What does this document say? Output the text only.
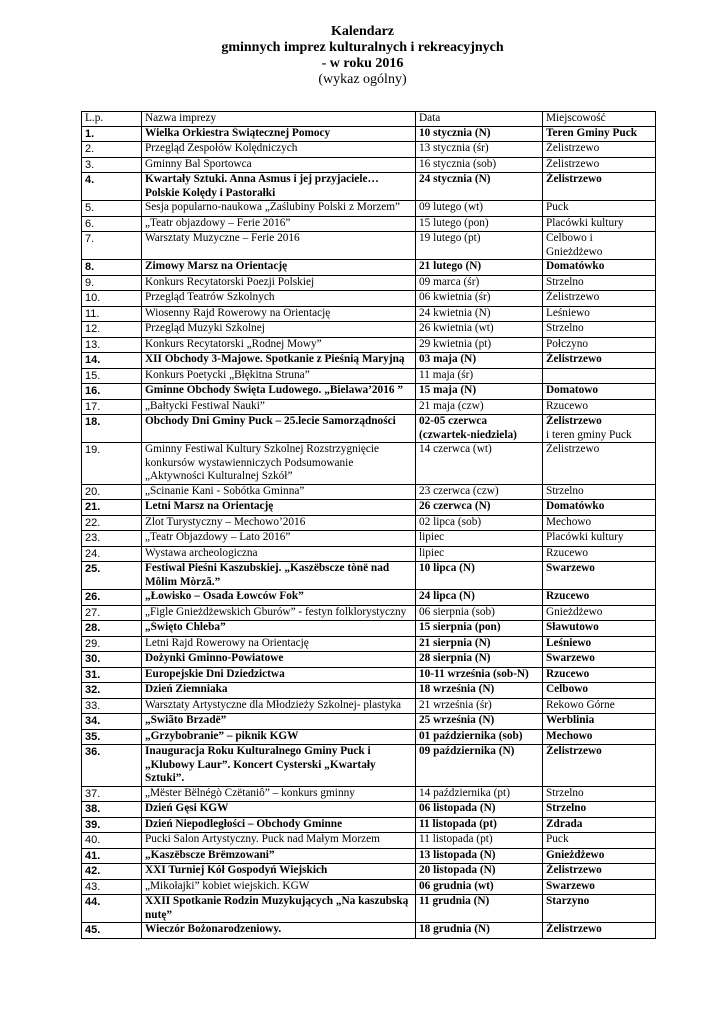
Kalendarz
gminnych imprez kulturalnych i rekreacyjnych
- w roku 2016
(wykaz ogólny)
L.p.	Nazwa imprezy	Data	Miejscowość
1.	Wielka Orkiestra Świątecznej Pomocy	10 stycznia (N)	Teren Gminy Puck
2.	Przegląd Zespołów Kolędniczych	13 stycznia (śr)	Żelistrzewo
3.	Gminny Bal Sportowca	16 stycznia (sob)	Żelistrzewo
4.	Kwartały Sztuki. Anna Asmus i jej przyjaciele… Polskie Kolędy i Pastorałki	24 stycznia (N)	Żelistrzewo
5.	Sesja popularno-naukowa „Zaślubiny Polski z Morzem”	09 lutego (wt)	Puck
6.	„Teatr objazdowy – Ferie 2016”	15 lutego (pon)	Placówki kultury
7.	Warsztaty Muzyczne – Ferie 2016	19 lutego (pt)	Celbowo i Gnieżdżewo
8.	Zimowy Marsz na Orientację	21 lutego (N)	Domatówko
9.	Konkurs Recytatorski Poezji Polskiej	09 marca (śr)	Strzelno
10.	Przegląd Teatrów Szkolnych	06 kwietnia (śr)	Żelistrzewo
11.	Wiosenny Rajd Rowerowy na Orientację	24 kwietnia (N)	Leśniewo
12.	Przegląd Muzyki Szkolnej	26 kwietnia (wt)	Strzelno
13.	Konkurs Recytatorski „Rodnej Mowy”	29 kwietnia (pt)	Połczyno
14.	XII Obchody 3-Majowe. Spotkanie z Pieśnią Maryjną	03 maja (N)	Żelistrzewo
15.	Konkurs Poetycki „Błękitna Struna”	11 maja (śr)	
16.	Gminne Obchody Święta Ludowego. „Bielawa’2016 ”	15 maja (N)	Domatowo
17.	„Bałtycki Festiwal Nauki”	21 maja (czw)	Rzucewo
18.	Obchody Dni Gminy Puck – 25.lecie Samorządności	02-05 czerwca (czwartek-niedziela)	Żelistrzewo
i teren gminy Puck
19.	Gminny Festiwal Kultury Szkolnej Rozstrzygnięcie konkursów wystawienniczych Podsumowanie „Aktywności Kulturalnej Szkół”	14 czerwca (wt)	Żelistrzewo
20.	„Ścinanie Kani - Sobótka Gminna”	23 czerwca (czw)	Strzelno
21.	Letni Marsz na Orientację	26 czerwca (N)	Domatówko
22.	Zlot Turystyczny – Mechowo’2016	02 lipca (sob)	Mechowo
23.	„Teatr Objazdowy – Lato 2016”	lipiec	Placówki kultury
24.	Wystawa archeologiczna	lipiec	Rzucewo
25.	Festiwal Pieśni Kaszubskiej. „Kaszëbscze tònë nad Môlim Mòrzã.”	10 lipca (N)	Swarzewo
26.	„Łowisko – Osada Łowców Fok”	24 lipca (N)	Rzucewo
27.	„Figle Gnieżdżewskich Gburów” - festyn folklorystyczny	06 sierpnia (sob)	Gnieżdżewo
28.	„Święto Chleba”	15 sierpnia (pon)	Sławutowo
29.	Letni Rajd Rowerowy na Orientację	21 sierpnia (N)	Leśniewo
30.	Dożynki Gminno-Powiatowe	28 sierpnia (N)	Swarzewo
31.	Europejskie Dni Dziedzictwa	10-11 września (sob-N)	Rzucewo
32.	Dzień Ziemniaka	18 września (N)	Celbowo
33.	Warsztaty Artystyczne dla Młodzieży Szkolnej- plastyka	21 września (śr)	Rekowo Górne
34.	„Swiãto Brzadë”	25 września (N)	Werblinia
35.	„Grzybobranie” – piknik KGW	01 października (sob)	Mechowo
36.	Inauguracja Roku Kulturalnego Gminy Puck i „Klubowy Laur”. Koncert Cysterski „Kwartały Sztuki”.	09 października (N)	Żelistrzewo
37.	„Mëster Bëlnégò Czëtaniô” – konkurs gminny	14 października (pt)	Strzelno
38.	Dzień Gęsi KGW	06 listopada (N)	Strzelno
39.	Dzień Niepodległości – Obchody Gminne	11 listopada (pt)	Zdrada
40.	Pucki Salon Artystyczny. Puck nad Małym Morzem	11 listopada (pt)	Puck
41.	„Kaszëbscze Brëmzowani”	13 listopada (N)	Gnieżdżewo
42.	XXI Turniej Kół Gospodyń Wiejskich	20 listopada (N)	Żelistrzewo
43.	„Mikołajki” kobiet wiejskich. KGW	06 grudnia (wt)	Swarzewo
44.	XXII Spotkanie Rodzin Muzykujących „Na kaszubską nutę”	11 grudnia (N)	Starzyno
45.	Wieczór Bożonarodzeniowy.	18 grudnia (N)	Żelistrzewo
